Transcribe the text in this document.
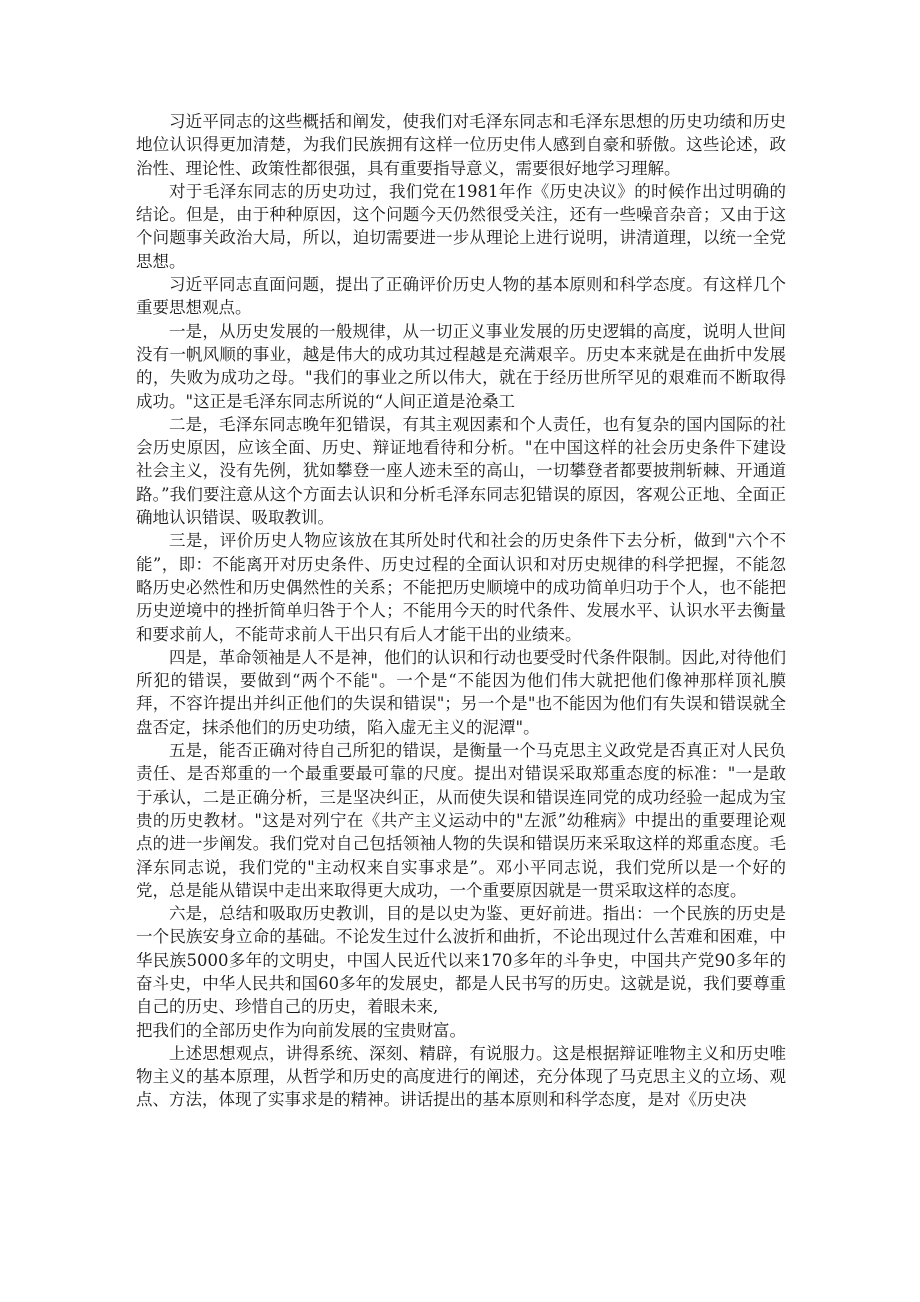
习近平同志的这些概括和阐发，使我们对毛泽东同志和毛泽东思想的历史功绩和历史地位认识得更加清楚，为我们民族拥有这样一位历史伟人感到自豪和骄傲。这些论述，政治性、理论性、政策性都很强，具有重要指导意义，需要很好地学习理解。

对于毛泽东同志的历史功过，我们党在1981年作《历史决议》的时候作出过明确的结论。但是，由于种种原因，这个问题今天仍然很受关注，还有一些噪音杂音；又由于这个问题事关政治大局，所以，迫切需要进一步从理论上进行说明，讲清道理，以统一全党思想。

习近平同志直面问题，提出了正确评价历史人物的基本原则和科学态度。有这样几个重要思想观点。

一是，从历史发展的一般规律，从一切正义事业发展的历史逻辑的高度，说明人世间没有一帆风顺的事业，越是伟大的成功其过程越是充满艰辛。历史本来就是在曲折中发展的，失败为成功之母。"我们的事业之所以伟大，就在于经历世所罕见的艰难而不断取得成功。"这正是毛泽东同志所说的“人间正道是沧桑工

二是，毛泽东同志晚年犯错误，有其主观因素和个人责任，也有复杂的国内国际的社会历史原因，应该全面、历史、辩证地看待和分析。"在中国这样的社会历史条件下建设社会主义，没有先例，犹如攀登一座人迹未至的高山，一切攀登者都要披荆斩棘、开通道路。”我们要注意从这个方面去认识和分析毛泽东同志犯错误的原因，客观公正地、全面正确地认识错误、吸取教训。

三是，评价历史人物应该放在其所处时代和社会的历史条件下去分析，做到"六个不能”，即：不能离开对历史条件、历史过程的全面认识和对历史规律的科学把握，不能忽略历史必然性和历史偶然性的关系；不能把历史顺境中的成功简单归功于个人，也不能把历史逆境中的挫折简单归咎于个人；不能用今天的时代条件、发展水平、认识水平去衡量和要求前人，不能苛求前人干出只有后人才能干出的业绩来。

四是，革命领袖是人不是神，他们的认识和行动也要受时代条件限制。因此,对待他们所犯的错误，要做到“两个不能"。一个是“不能因为他们伟大就把他们像神那样顶礼膜拜，不容许提出并纠正他们的失误和错误"；另一个是"也不能因为他们有失误和错误就全盘否定，抹杀他们的历史功绩，陷入虚无主义的泥潭"。

五是，能否正确对待自己所犯的错误，是衡量一个马克思主义政党是否真正对人民负责任、是否郑重的一个最重要最可靠的尺度。提出对错误采取郑重态度的标准："一是敢于承认，二是正确分析，三是坚决纠正，从而使失误和错误连同党的成功经验一起成为宝贵的历史教材。"这是对列宁在《共产主义运动中的"左派”幼稚病》中提出的重要理论观点的进一步阐发。我们党对自己包括领袖人物的失误和错误历来采取这样的郑重态度。毛泽东同志说，我们党的"主动权来自实事求是”。邓小平同志说，我们党所以是一个好的党，总是能从错误中走出来取得更大成功，一个重要原因就是一贯采取这样的态度。

六是，总结和吸取历史教训，目的是以史为鉴、更好前进。指出：一个民族的历史是一个民族安身立命的基础。不论发生过什么波折和曲折，不论出现过什么苦难和困难，中华民族5000多年的文明史，中国人民近代以来170多年的斗争史，中国共产党90多年的奋斗史，中华人民共和国60多年的发展史，都是人民书写的历史。这就是说，我们要尊重自己的历史、珍惜自己的历史，着眼未来,

把我们的全部历史作为向前发展的宝贵财富。

上述思想观点，讲得系统、深刻、精辟，有说服力。这是根据辩证唯物主义和历史唯物主义的基本原理，从哲学和历史的高度进行的阐述，充分体现了马克思主义的立场、观点、方法，体现了实事求是的精神。讲话提出的基本原则和科学态度，是对《历史决
